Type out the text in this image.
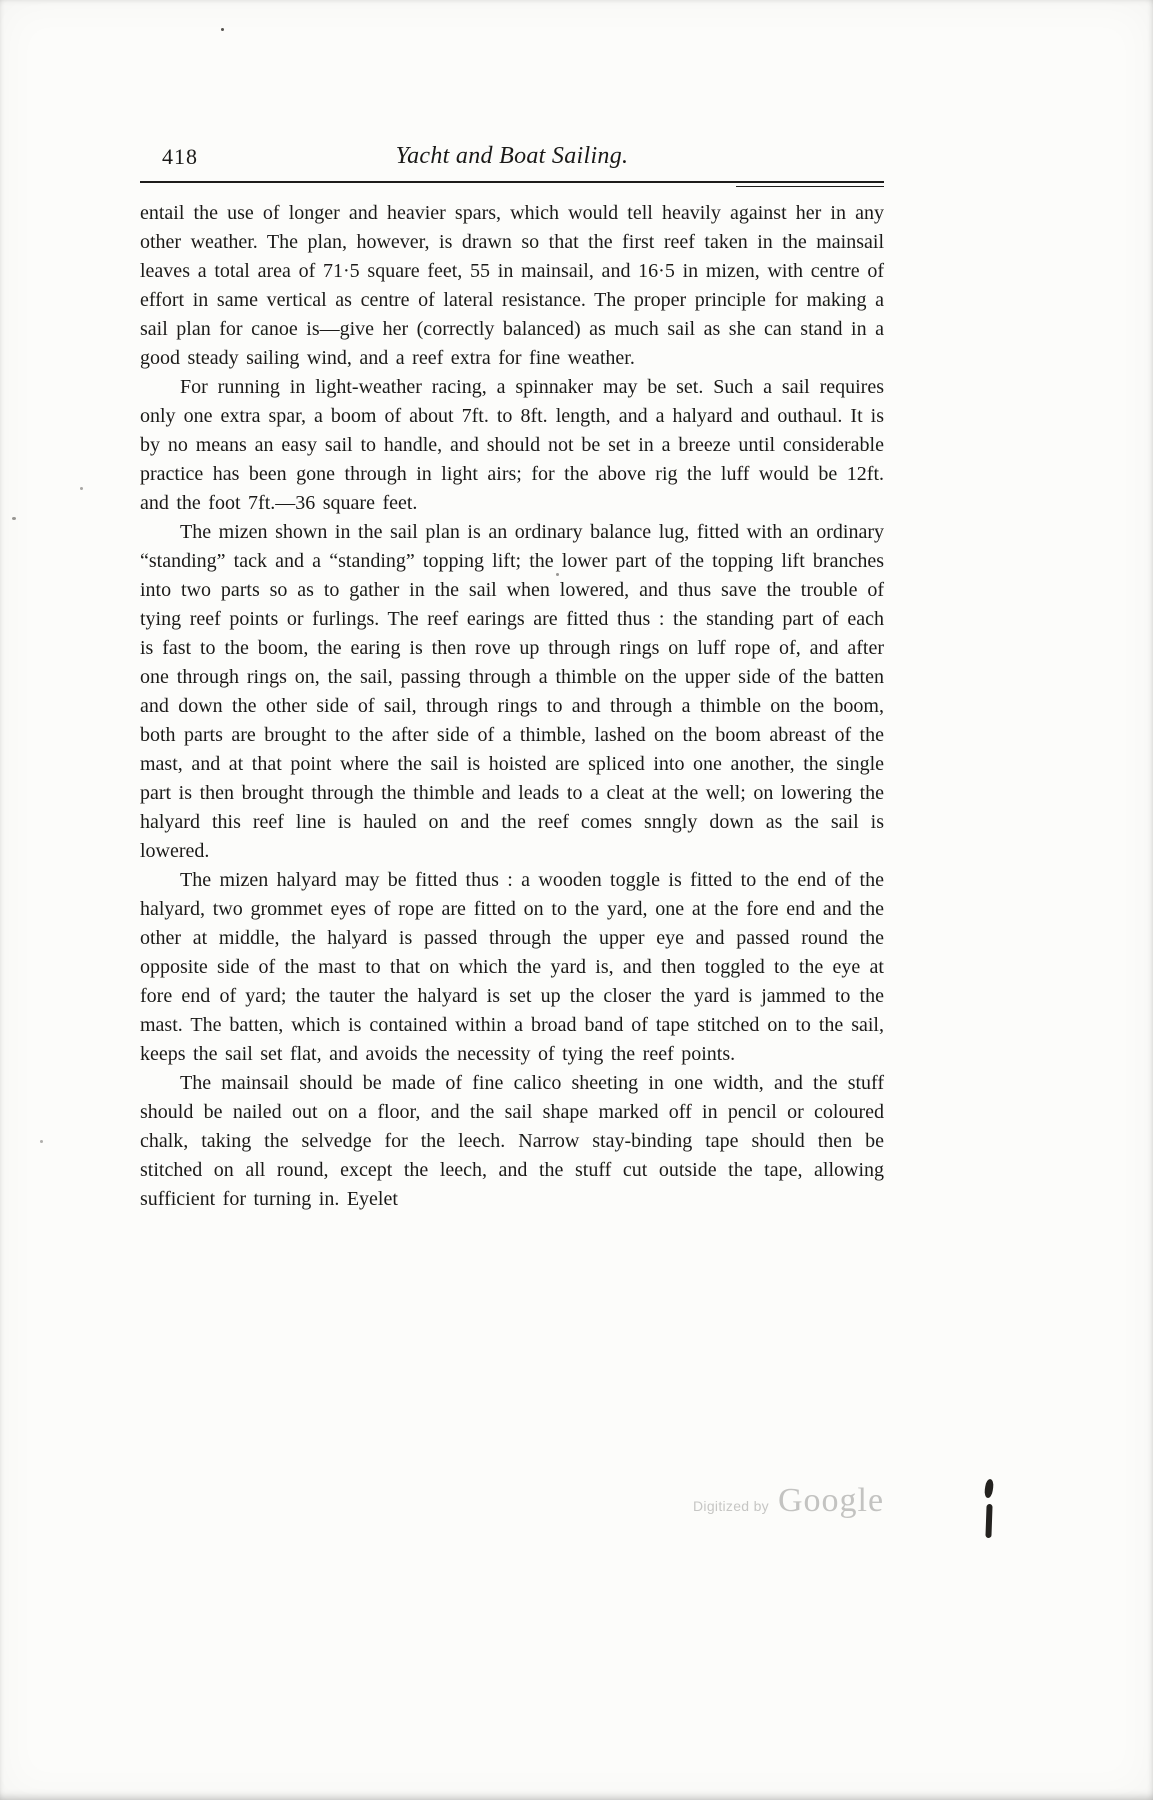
418	Yacht and Boat Sailing.

entail the use of longer and heavier spars, which would tell heavily against her in any other weather. The plan, however, is drawn so that the first reef taken in the mainsail leaves a total area of 71·5 square feet, 55 in mainsail, and 16·5 in mizen, with centre of effort in same vertical as centre of lateral resistance. The proper principle for making a sail plan for canoe is—give her (correctly balanced) as much sail as she can stand in a good steady sailing wind, and a reef extra for fine weather.

For running in light-weather racing, a spinnaker may be set. Such a sail requires only one extra spar, a boom of about 7ft. to 8ft. length, and a halyard and outhaul. It is by no means an easy sail to handle, and should not be set in a breeze until considerable practice has been gone through in light airs; for the above rig the luff would be 12ft. and the foot 7ft.—36 square feet.

The mizen shown in the sail plan is an ordinary balance lug, fitted with an ordinary “standing” tack and a “standing” topping lift; the lower part of the topping lift branches into two parts so as to gather in the sail when lowered, and thus save the trouble of tying reef points or furlings. The reef earings are fitted thus : the standing part of each is fast to the boom, the earing is then rove up through rings on luff rope of, and after one through rings on, the sail, passing through a thimble on the upper side of the batten and down the other side of sail, through rings to and through a thimble on the boom, both parts are brought to the after side of a thimble, lashed on the boom abreast of the mast, and at that point where the sail is hoisted are spliced into one another, the single part is then brought through the thimble and leads to a cleat at the well; on lowering the halyard this reef line is hauled on and the reef comes snngly down as the sail is lowered.

The mizen halyard may be fitted thus : a wooden toggle is fitted to the end of the halyard, two grommet eyes of rope are fitted on to the yard, one at the fore end and the other at middle, the halyard is passed through the upper eye and passed round the opposite side of the mast to that on which the yard is, and then toggled to the eye at fore end of yard; the tauter the halyard is set up the closer the yard is jammed to the mast. The batten, which is contained within a broad band of tape stitched on to the sail, keeps the sail set flat, and avoids the necessity of tying the reef points.

The mainsail should be made of fine calico sheeting in one width, and the stuff should be nailed out on a floor, and the sail shape marked off in pencil or coloured chalk, taking the selvedge for the leech. Narrow stay-binding tape should then be stitched on all round, except the leech, and the stuff cut outside the tape, allowing sufficient for turning in. Eyelet

Digitized by Google
